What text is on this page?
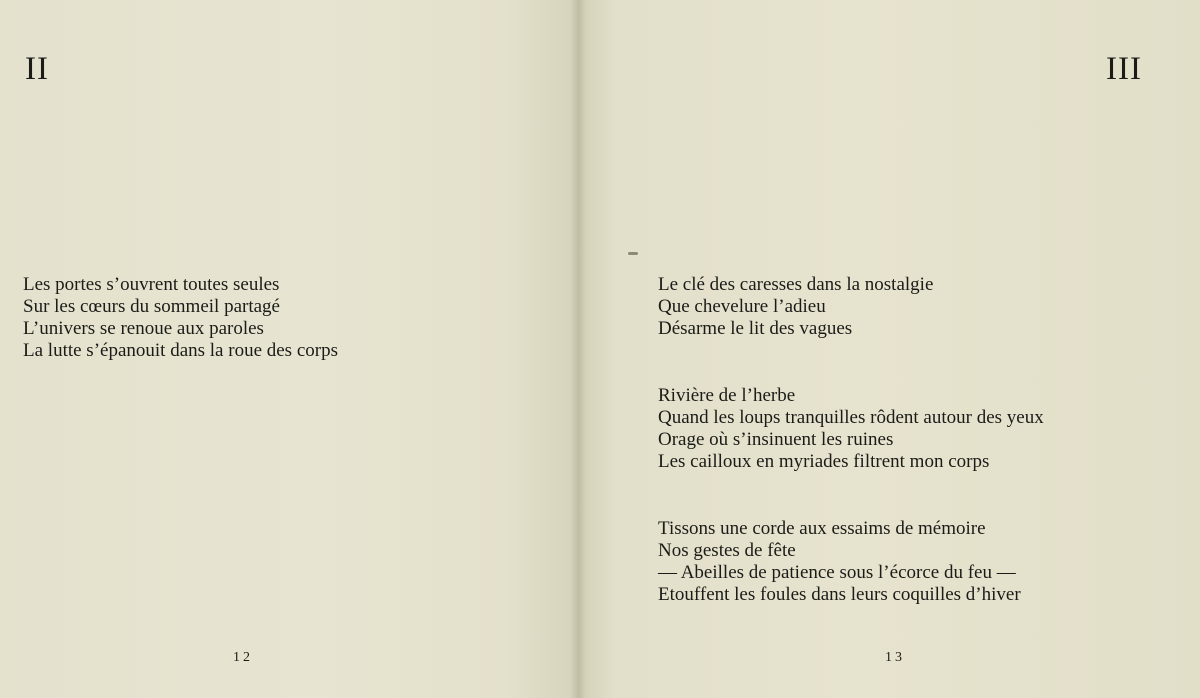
II
Les portes s’ouvrent toutes seules
Sur les cœurs du sommeil partagé
L’univers se renoue aux paroles
La lutte s’épanouit dans la roue des corps
12
III
Le clé des caresses dans la nostalgie
Que chevelure l’adieu
Désarme le lit des vagues
Rivière de l’herbe
Quand les loups tranquilles rôdent autour des yeux
Orage où s’insinuent les ruines
Les cailloux en myriades filtrent mon corps
Tissons une corde aux essaims de mémoire
Nos gestes de fête
— Abeilles de patience sous l’écorce du feu —
Etouffent les foules dans leurs coquilles d’hiver
13
